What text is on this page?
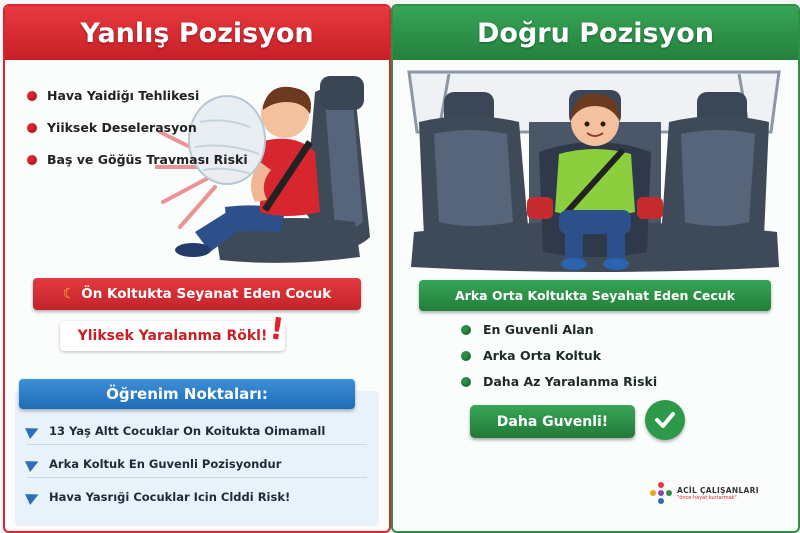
Yanlış Pozisyon
Hava Yaidiğı Tehlikesi
Yiiksek Deselerasyon
Baş ve Göğüs Travması Riski
☾ Ön Koltukta Seyanat Eden Cocuk
Yliksek Yaralanma Rökl! !
Öğrenim Noktaları:
13 Yaş Altt Cocuklar On Koitukta Oimamall
Arka Koltuk En Guvenli Pozisyondur
Hava Yasrıği Cocuklar Icin Clddi Risk!
Doğru Pozisyon
Arka Orta Koltukta Seyahat Eden Cecuk
En Guvenli Alan
Arka Orta Koltuk
Daha Az Yaralanma Riski
Daha Guvenli!
ACİL ÇALIŞANLARI
"önce hayat kurtarmak"
